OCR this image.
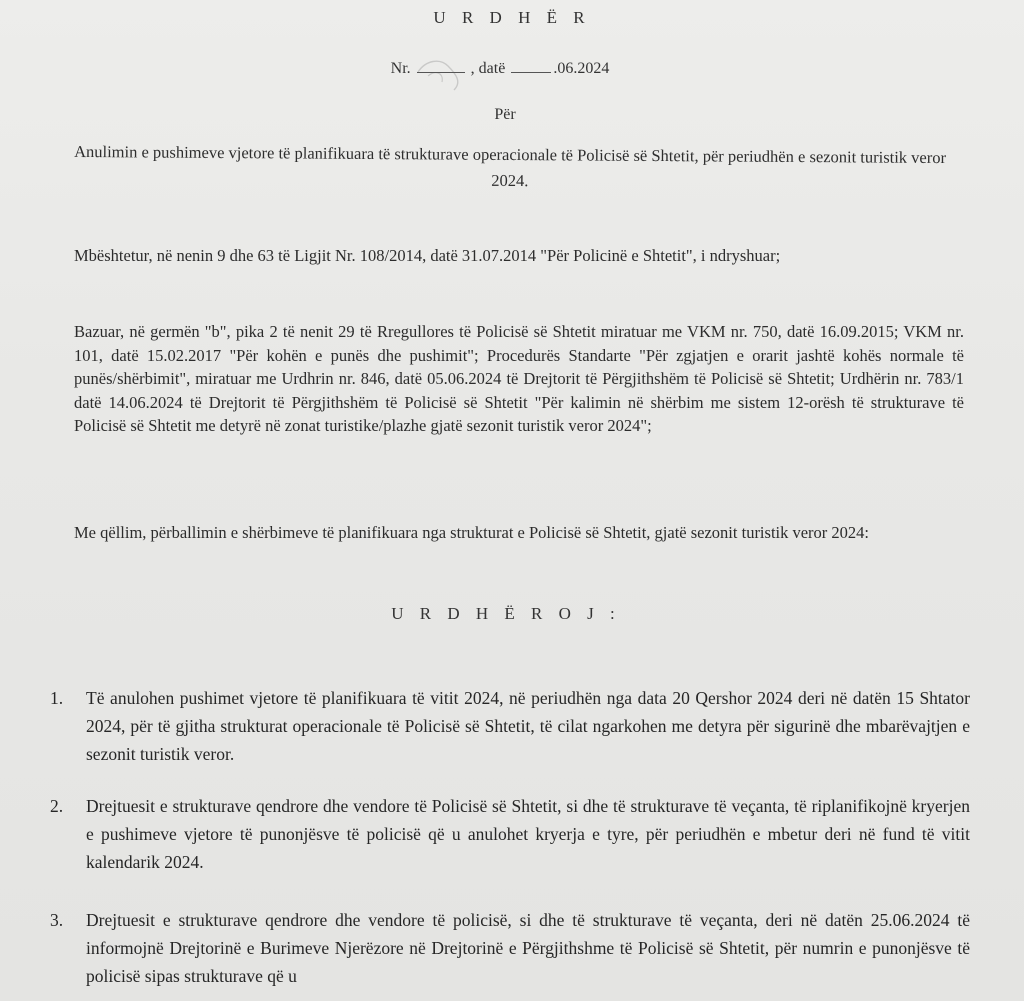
U R D H Ë R
Nr.	, datë	.06.2024
Për
Anulimin e pushimeve vjetore të planifikuara të strukturave operacionale të Policisë së Shtetit, për periudhën e sezonit turistik veror 2024.
Mbështetur, në nenin 9 dhe 63 të Ligjit Nr. 108/2014, datë 31.07.2014 "Për Policinë e Shtetit", i ndryshuar;
Bazuar, në germën "b", pika 2 të nenit 29 të Rregullores të Policisë së Shtetit miratuar me VKM nr. 750, datë 16.09.2015; VKM nr. 101, datë 15.02.2017 "Për kohën e punës dhe pushimit"; Procedurës Standarte "Për zgjatjen e orarit jashtë kohës normale të punës/shërbimit", miratuar me Urdhrin nr. 846, datë 05.06.2024 të Drejtorit të Përgjithshëm të Policisë së Shtetit; Urdhërin nr. 783/1 datë 14.06.2024 të Drejtorit të Përgjithshëm të Policisë së Shtetit "Për kalimin në shërbim me sistem 12-orësh të strukturave të Policisë së Shtetit me detyrë në zonat turistike/plazhe gjatë sezonit turistik veror 2024";
Me qëllim, përballimin e shërbimeve të planifikuara nga strukturat e Policisë së Shtetit, gjatë sezonit turistik veror 2024:
U R D H Ë R O J :
1.	Të anulohen pushimet vjetore të planifikuara të vitit 2024, në periudhën nga data 20 Qershor 2024 deri në datën 15 Shtator 2024, për të gjitha strukturat operacionale të Policisë së Shtetit, të cilat ngarkohen me detyra për sigurinë dhe mbarëvajtjen e sezonit turistik veror.
2.	Drejtuesit e strukturave qendrore dhe vendore të Policisë së Shtetit, si dhe të strukturave të veçanta, të riplanifikojnë kryerjen e pushimeve vjetore të punonjësve të policisë që u anulohet kryerja e tyre, për periudhën e mbetur deri në fund të vitit kalendarik 2024.
3.	Drejtuesit e strukturave qendrore dhe vendore të policisë, si dhe të strukturave të veçanta, deri në datën 25.06.2024 të informojnë Drejtorinë e Burimeve Njerëzore në Drejtorinë e Përgjithshme të Policisë së Shtetit, për numrin e punonjësve të policisë sipas strukturave që u
